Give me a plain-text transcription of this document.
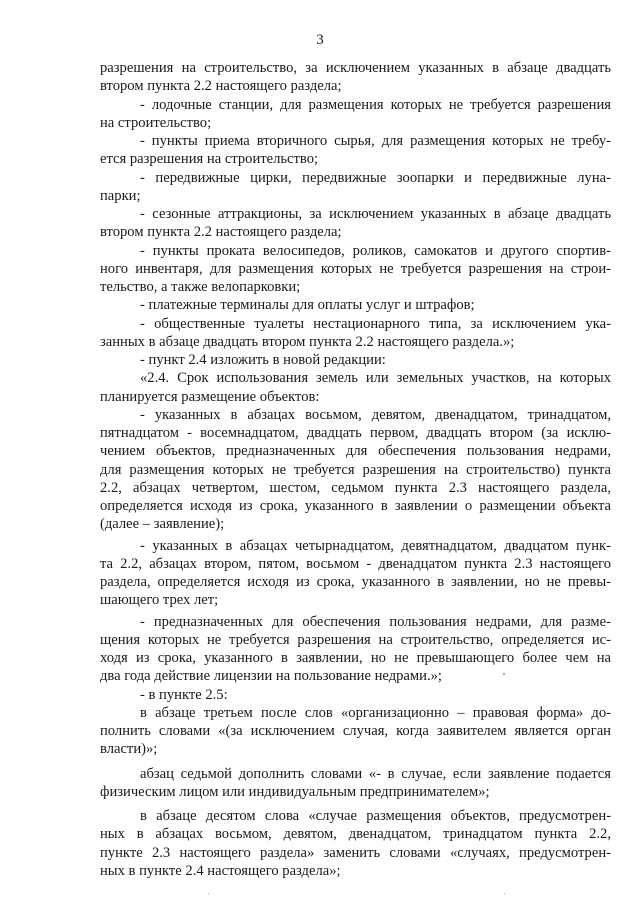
3
разрешения на строительство, за исключением указанных в абзаце двадцать
втором пункта 2.2 настоящего раздела;
- лодочные станции, для размещения которых не требуется разрешения
на строительство;
- пункты приема вторичного сырья, для размещения которых не требу-
ется разрешения на строительство;
- передвижные цирки, передвижные зоопарки и передвижные луна-
парки;
- сезонные аттракционы, за исключением указанных в абзаце двадцать
втором пункта 2.2 настоящего раздела;
- пункты проката велосипедов, роликов, самокатов и другого спортив-
ного инвентаря, для размещения которых не требуется разрешения на строи-
тельство, а также велопарковки;
- платежные терминалы для оплаты услуг и штрафов;
- общественные туалеты нестационарного типа, за исключением ука-
занных в абзаце двадцать втором пункта 2.2 настоящего раздела.»;
- пункт 2.4 изложить в новой редакции:
«2.4. Срок использования земель или земельных участков, на которых
планируется размещение объектов:
- указанных в абзацах восьмом, девятом, двенадцатом, тринадцатом,
пятнадцатом - восемнадцатом, двадцать первом, двадцать втором (за исклю-
чением объектов, предназначенных для обеспечения пользования недрами,
для размещения которых не требуется разрешения на строительство) пункта
2.2, абзацах четвертом, шестом, седьмом пункта 2.3 настоящего раздела,
определяется исходя из срока, указанного в заявлении о размещении объекта
(далее – заявление);
- указанных в абзацах четырнадцатом, девятнадцатом, двадцатом пунк-
та 2.2, абзацах втором, пятом, восьмом - двенадцатом пункта 2.3 настоящего
раздела, определяется исходя из срока, указанного в заявлении, но не превы-
шающего трех лет;
- предназначенных для обеспечения пользования недрами, для разме-
щения которых не требуется разрешения на строительство, определяется ис-
ходя из срока, указанного в заявлении, но не превышающего более чем на
два года действие лицензии на пользование недрами.»;
- в пункте 2.5:
в абзаце третьем после слов «организационно – правовая форма» до-
полнить словами «(за исключением случая, когда заявителем является орган
власти)»;
абзац седьмой дополнить словами «- в случае, если заявление подается
физическим лицом или индивидуальным предпринимателем»;
в абзаце десятом слова «случае размещения объектов, предусмотрен-
ных в абзацах восьмом, девятом, двенадцатом, тринадцатом пункта 2.2,
пункте 2.3 настоящего раздела» заменить словами «случаях, предусмотрен-
ных в пункте 2.4 настоящего раздела»;
